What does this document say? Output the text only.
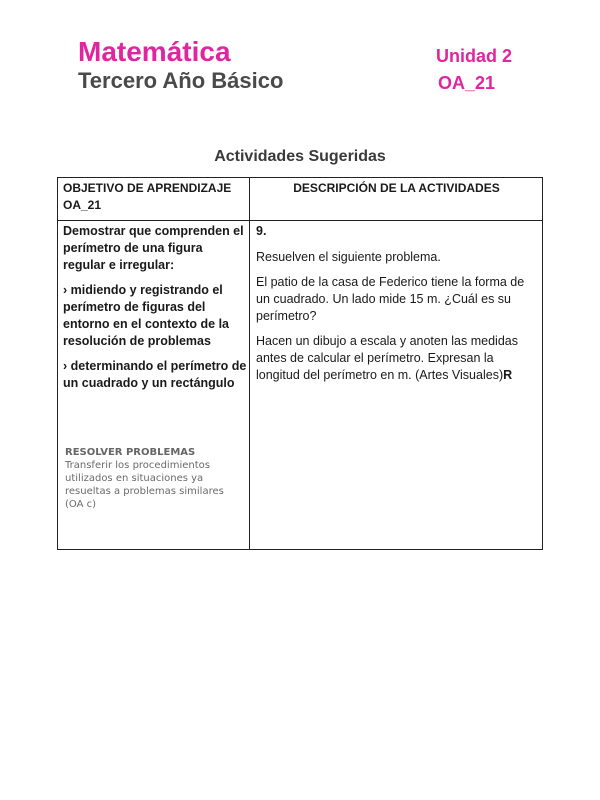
Matemática
Tercero Año Básico
Unidad 2
OA_21
Actividades Sugeridas
OBJETIVO DE APRENDIZAJE OA_21
DESCRIPCIÓN DE LA ACTIVIDADES

Demostrar que comprenden el perímetro de una figura regular e irregular:

› midiendo y registrando el perímetro de figuras del entorno en el contexto de la resolución de problemas

› determinando el perímetro de un cuadrado y un rectángulo

RESOLVER PROBLEMAS
Transferir los procedimientos
utilizados en situaciones ya
resueltas a problemas similares
(OA c)

9.

Resuelven el siguiente problema.

El patio de la casa de Federico tiene la forma de un cuadrado. Un lado mide 15 m. ¿Cuál es su perímetro?

Hacen un dibujo a escala y anoten las medidas antes de calcular el perímetro. Expresan la longitud del perímetro en m. (Artes Visuales)R
